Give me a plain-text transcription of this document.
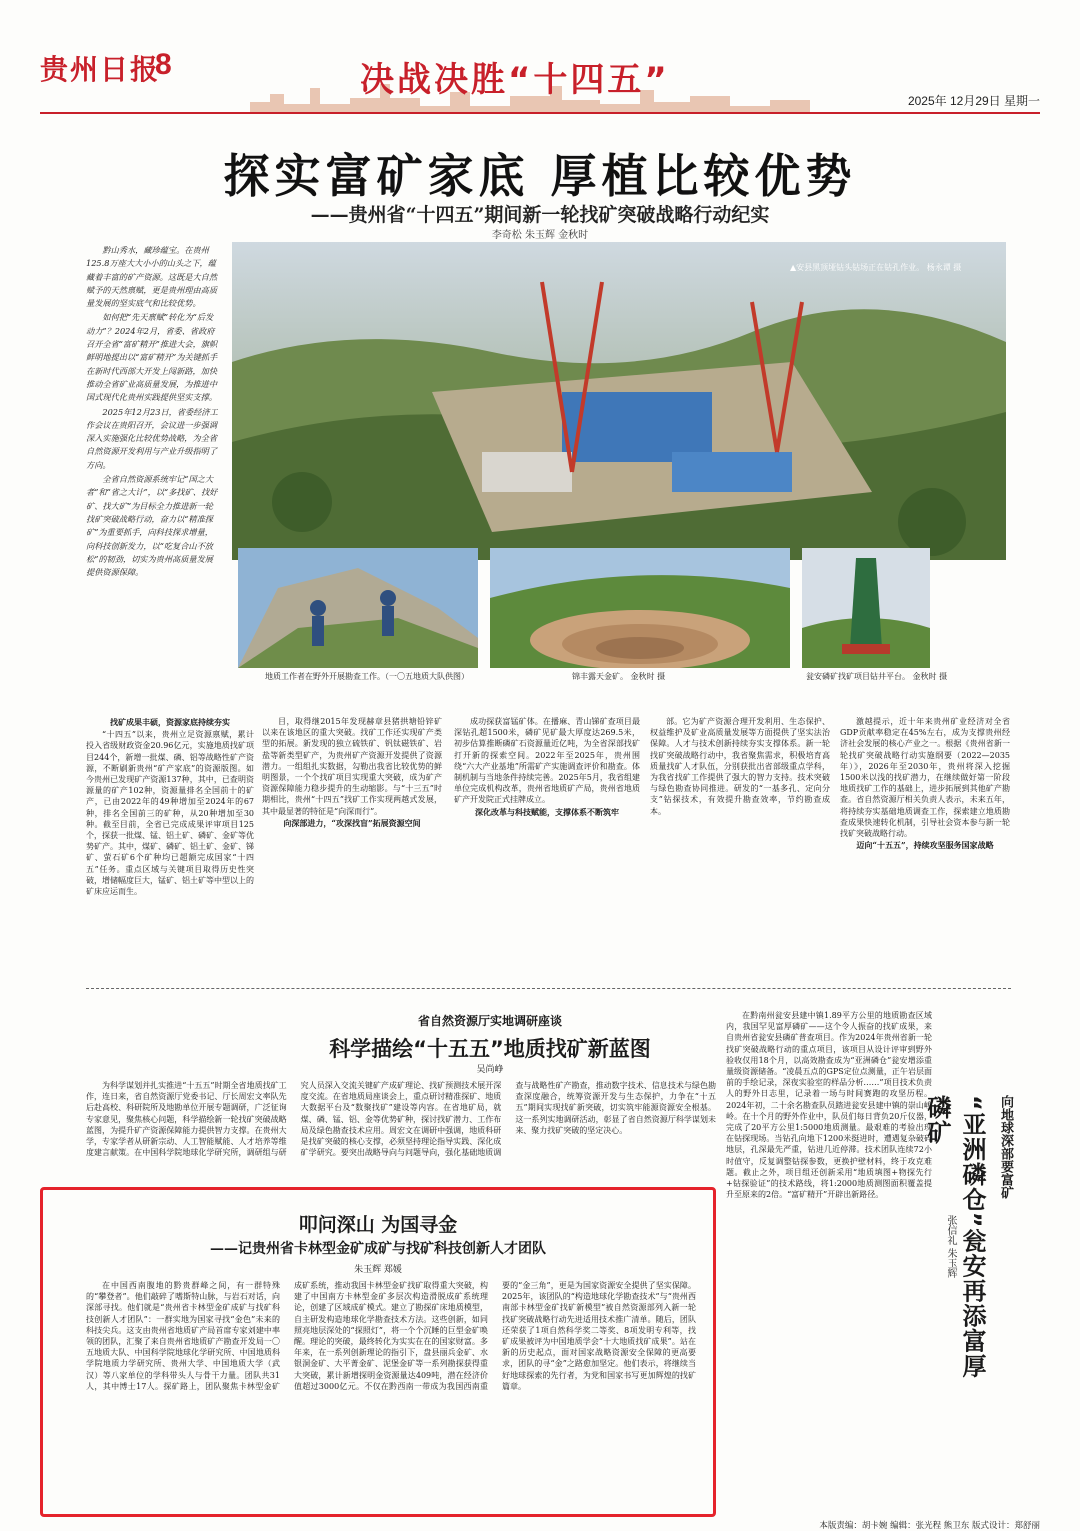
贵州日报
8	决战决胜“十四五”
2025年 12月29日 星期一
探实富矿家底 厚植比较优势
——贵州省“十四五”期间新一轮找矿突破战略行动纪实
李奇松 朱玉辉 金秋时

黔山秀水，藏珍蕴宝。在贵州125.8万座大大小小的山头之下，蕴藏着丰富的矿产资源。这既是大自然赋予的天然禀赋，更是贵州理由高质量发展的坚实底气和比较优势。

如何把“先天禀赋”转化为“后发动力”？2024年2月，省委、省政府召开全省“富矿精开”推进大会，旗帜鲜明地提出以“富矿精开”为关键抓手在新时代西部大开发上闯新路，加快推动全省矿业高质量发展，为推进中国式现代化贵州实践提供坚实支撑。

2025年12月23日，省委经济工作会议在贵阳召开，会议进一步强调深入实施强化比较优势战略，为全省自然资源开发利用与产业升级指明了方向。

全省自然资源系统牢记“国之大者”和“省之大计”，以“多找矿、找好矿、找大矿”为目标全力推进新一轮找矿突破战略行动，奋力以“精准探矿”为重要抓手，向科技探求增量，向科技创新发力，以“吃复合山不放松”的韧劲，切实为贵州高质量发展提供资源保障。

▲安县黑顶垭钻头钻场正在钻孔作业。 杨永谭 摄
地质工作者在野外开展勘查工作。（一〇五地质大队供图）	锦丰露天金矿。 金秋时 摄	瓮安磷矿找矿项目钻井平台。 金秋时 摄

找矿成果丰硕，资源家底持续夯实

“十四五”以来，贵州立足资源禀赋，累计投入省级财政资金20.96亿元，实施地质找矿项目244个，新增一批煤、磷、铝等战略性矿产资源，不断刷新贵州“矿产家底”的资源版图。如今贵州已发现矿产资源137种，其中，已查明资源量的矿产102种，资源量排名全国前十的矿产，已由2022年的49种增加至2024年的67种，排名全国前三的矿种，从20种增加至30种。截至目前，全省已完成成果评审项目125个，探获一批煤、锰、铝土矿、磷矿、金矿等优势矿产。其中，煤矿、磷矿、铝土矿、金矿、锑矿、萤石矿6个矿种均已超额完成国家“十四五”任务。重点区域与关键项目取得历史性突破，增储幅度巨大，锰矿、铝土矿等中型以上的矿床应运而生。

目，取得继2015年发现赫章县猪拱塘铅锌矿以来在该地区的重大突破。找矿工作还实现矿产类型的拓展。新发现的独立硫铁矿、钒钛磁铁矿、岩盐等新类型矿产，为贵州矿产资源开发提供了资源潜力。一组组扎实数据，勾勒出我省比较优势的鲜明图景，一个个找矿项目实现重大突破，成为矿产资源保障能力稳步提升的生动缩影。与“十三五”时期相比，贵州“十四五”找矿工作实现两越式发展，其中最显著的特征是“向深而行”。

向深部进力，“攻深找盲”拓展资源空间

成功探获富锰矿体。在播麻、青山锑矿查项目最深钻孔超1500米，磷矿见矿最大厚度达269.5米，初步估算推断磷矿石资源量近亿吨，为全省深部找矿打开新的探索空间。2022年至2025年，贵州围绕“六大产业基地”所需矿产实施调查评价和勘查。体制机制与当地条件持续完善。2025年5月，我省组建单位完成机构改革，贵州省地质矿产局，贵州省地质矿产开发院正式挂牌成立。

深化改革与科技赋能，支撑体系不断筑牢

部。它为矿产资源合理开发利用、生态保护、权益维护及矿业高质量发展等方面提供了坚实法治保障。人才与技术创新持续夯实支撑体系。新一轮找矿突破战略行动中，我省聚焦需求，积极培育高质量找矿人才队伍，分别获批出省部级重点学科，为我省找矿工作提供了强大的智力支持。技术突破与绿色勘查协同推进。研发的“一基多孔、定向分支”钻探技术，有效提升勘查效率，节约勘查成本。

激越提示，近十年来贵州矿业经济对全省GDP贡献率稳定在45%左右，成为支撑贵州经济社会发展的核心产业之一。根据《贵州省新一轮找矿突破战略行动实施纲要（2022—2035年）》，2026年至2030年，贵州将深入挖掘1500米以浅的找矿潜力，在继续做好第一阶段地质找矿工作的基础上，进步拓展到其他矿产勘查。省自然资源厅相关负责人表示，未来五年，将持续夯实基础地质调查工作，探索建立地质勘查成果快速转化机制，引导社会资本参与新一轮找矿突破战略行动。

迈向“十五五”，持续攻坚服务国家战略

省自然资源厅实地调研座谈
科学描绘“十五五”地质找矿新蓝图
吴尚峥

为科学谋划并扎实推进“十五五”时期全省地质找矿工作，连日来，省自然资源厅党委书记、厅长周宏文率队先后赴高校、科研院所及地勘单位开展专题调研，广泛征询专家意见，聚焦核心问题，科学描绘新一轮找矿突破战略蓝图，为提升矿产资源保障能力提供智力支撑。在贵州大学，专家学者从研新宗动、人工智能赋能、人才培养等维度建言献策。在中国科学院地球化学研究所，调研组与研究人员深入交流关键矿产成矿理论、找矿预测技术展开深度交流。在省地质局座谈会上，重点研讨精准探矿、地质大数据平台及“数聚找矿”建设等内容。在省地矿局，就煤、磷、锰、铝、金等优势矿种，探讨找矿潜力、工作布局及绿色勘查技术应用。周宏文在调研中强调，地质科研是找矿突破的核心支撑，必须坚持理论指导实践、深化成矿学研究。要突出战略导向与问题导向，强化基础地质调查与战略性矿产勘查，推动数字技术、信息技术与绿色勘查深度融合，统筹资源开发与生态保护，力争在“十五五”期间实现找矿新突破，切实筑牢能源资源安全根基。这一系列实地调研活动，彰显了省自然资源厅科学谋划未来、聚力找矿突破的坚定决心。

叩问深山 为国寻金
——记贵州省卡林型金矿成矿与找矿科技创新人才团队
朱玉辉 郑媛

在中国西南腹地的黔贵群峰之间，有一群特殊的“攀登者”。他们敲碎了嗜斯特山脉，与岩石对话，向深部寻找。他们就是“贵州省卡林型金矿成矿与找矿科技创新人才团队”：一群实地为国家寻找“金色”未来的科技尖兵。这支由贵州省地质矿产局首席专家刘建中率领的团队，汇聚了来自贵州省地质矿产勘查开发局一〇五地质大队、中国科学院地球化学研究所、中国地质科学院地质力学研究所、贵州大学、中国地质大学（武汉）等八家单位的学科带头人与骨干力量。团队共31人，其中博士17人。探矿路上，团队聚焦卡林型金矿成矿系统，推动我国卡林型金矿找矿取得重大突破，构建了中国南方卡林型金矿多层次构造滑脱成矿系统理论，创建了区域成矿模式。建立了勘探矿床地质模型，自主研发构造地球化学勘查技术方法。这些创新，如同照亮地层深处的“探照灯”，将一个个沉睡的巨型金矿唤醒。理论的突破，最终转化为实实在在的国家财富。多年来，在一系列创新理论的指引下，盘县丽兵金矿、水银洞金矿、大平菁金矿、泥堡金矿等一系列勘探获得重大突破，累计新增探明金资源量达409吨，潜在经济价值超过3000亿元。不仅在黔西南一带成为我国西南重要的“金三角”，更是为国家资源安全提供了坚实保障。2025年，该团队的“构造地球化学勘查技术”与“贵州西南部卡林型金矿找矿新模型”被自然资源部列入新一轮找矿突破战略行动先进适用技术推广清单。随后，团队还荣获了1项自然科学奖二等奖、8项发明专利等，找矿成果被评为中国地质学会“十大地质找矿成果”。站在新的历史起点，面对国家战略资源安全保障的更高要求，团队的寻“金”之路愈加坚定。他们表示，将继续当好地球探索的先行者，为党和国家书写更加辉煌的找矿篇章。

在黔南州瓮安县建中镇1.89平方公里的地质勘查区域内，我国罕见富厚磷矿——这个令人振奋的找矿成果，来自贵州省瓮安县磷矿普查项目。作为2024年贵州省新一轮找矿突破战略行动的重点项目，该项目从设计评审到野外验收仅用18个月，以高效勘查成为“亚洲磷仓”瓮安增添重量级资源储备。“凌晨五点的GPS定位点测量，正午岩层面前的手绘记录，深夜实验室的样品分析……”项目技术负责人的野外日志里，记录着一场与时间赛跑的攻坚历程。2024年初，二十余名勘查队员踏进瓮安县建中镇的崇山峻岭。在十个月的野外作业中，队员们每日背负20斤仪器，完成了20平方公里1:5000地质测量。最艰难的考验出现在钻探现场。当钻孔向地下1200米挺进时，遭遇复杂破碎地层，孔深最先严重，钻进几近停滞。技术团队连续72小时值守，反复调整钻探参数，更换护壁材料，终于攻克难题。截止之外，项目组还创新采用“地质填图+物探先行+钻探验证”的技术路线，将1:2000地质测图面积覆盖提升至原来的2倍。“富矿精开”开辟出新路径。	“亚洲磷仓”瓮安再添富厚磷矿	向地球深部要富矿
张信礼 朱玉辉
本版责编：胡卡婉 编辑：张光程 熊卫东 版式设计：郑舒丽
